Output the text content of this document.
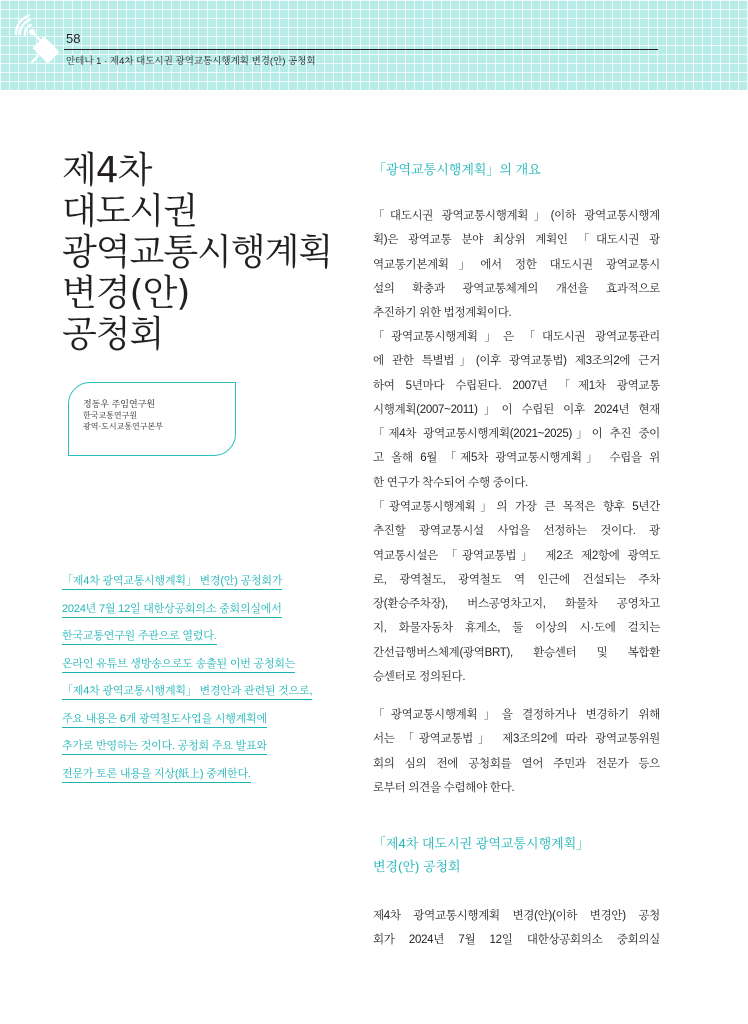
58
안테나 1 · 제4차 대도시권 광역교통시행계획 변경(안) 공청회
제4차
대도시권
광역교통시행계획
변경(안)
공청회
정동우 주임연구원
한국교통연구원
광역·도시교통연구본부
「제4차 광역교통시행계획」 변경(안) 공청회가
2024년 7월 12일 대한상공회의소 중회의실에서
한국교통연구원 주관으로 열렸다.
온라인 유튜브 생방송으로도 송출된 이번 공청회는
「제4차 광역교통시행계획」 변경안과 관련된 것으로,
주요 내용은 6개 광역철도사업을 시행계획에
추가로 반영하는 것이다. 공청회 주요 발표와
전문가 토론 내용을 지상(紙上) 중계한다.
「광역교통시행계획」의 개요
「대도시권 광역교통시행계획」(이하 광역교통시행계
획)은 광역교통 분야 최상위 계획인 「대도시권 광
역교통기본계획」에서 정한 대도시권 광역교통시
설의 확충과 광역교통체계의 개선을 효과적으로
추진하기 위한 법정계획이다.
「광역교통시행계획」은 「대도시권 광역교통관리
에 관한 특별법」(이후 광역교통법) 제3조의2에 근거
하여 5년마다 수립된다. 2007년 「제1차 광역교통
시행계획(2007~2011)」이 수립된 이후 2024년 현재
「제4차 광역교통시행계획(2021~2025)」이 추진 중이
고 올해 6월 「제5차 광역교통시행계획」 수립을 위
한 연구가 착수되어 수행 중이다.
「광역교통시행계획」의 가장 큰 목적은 향후 5년간
추진할 광역교통시설 사업을 선정하는 것이다. 광
역교통시설은 「광역교통법」 제2조 제2항에 광역도
로, 광역철도, 광역철도 역 인근에 건설되는 주차
장(환승주차장), 버스공영차고지, 화물차 공영차고
지, 화물자동차 휴게소, 둘 이상의 시·도에 걸치는
간선급행버스체계(광역BRT), 환승센터 및 복합환
승센터로 정의된다.
「광역교통시행계획」을 결정하거나 변경하기 위해
서는 「광역교통법」 제3조의2에 따라 광역교통위원
회의 심의 전에 공청회를 열어 주민과 전문가 등으
로부터 의견을 수렴해야 한다.
「제4차 대도시권 광역교통시행계획」
변경(안) 공청회
제4차 광역교통시행계획 변경(안)(이하 변경안) 공청
회가 2024년 7월 12일 대한상공회의소 중회의실
